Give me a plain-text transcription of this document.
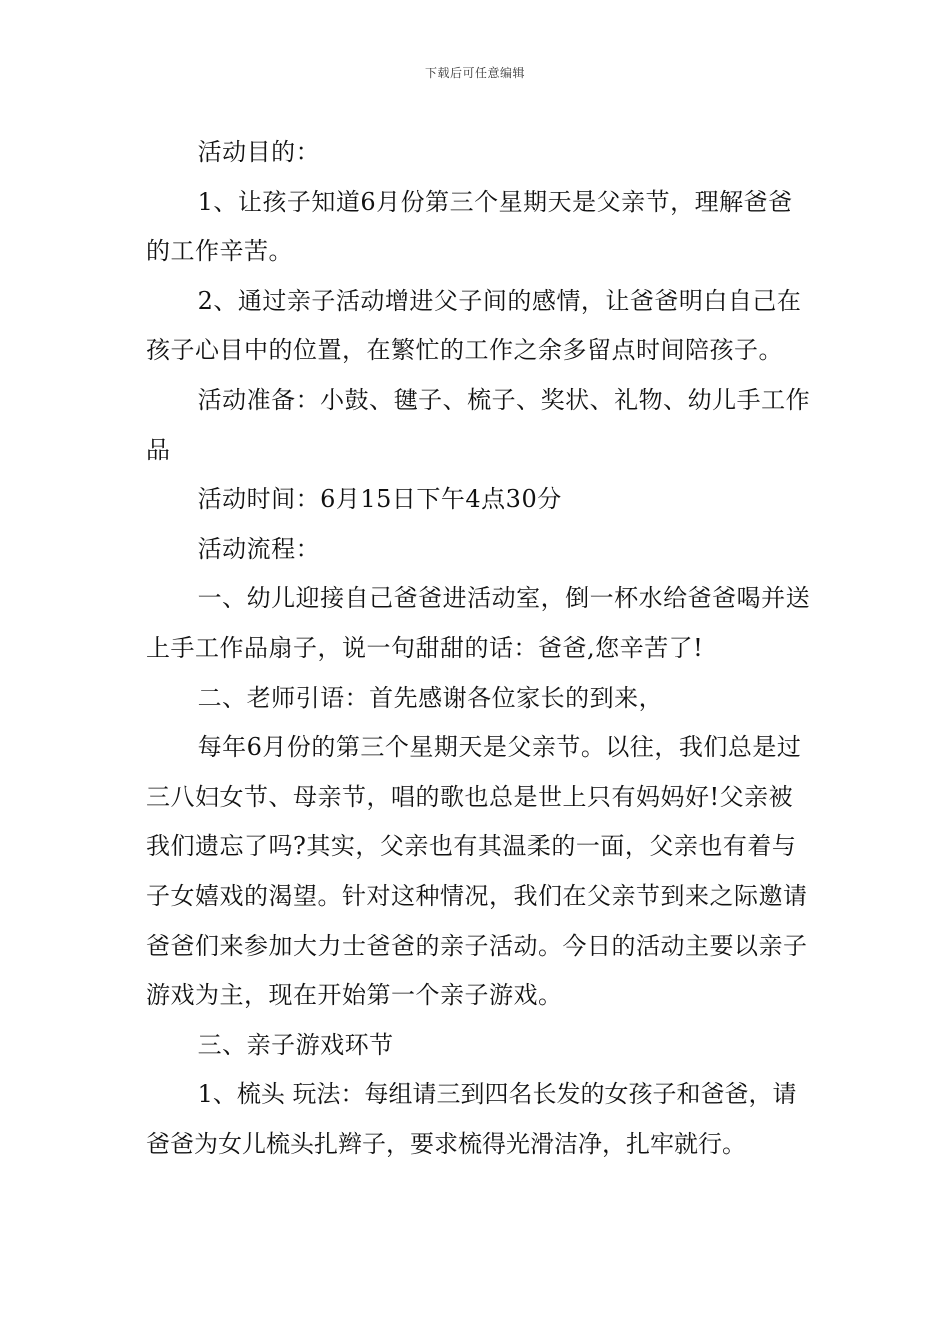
下载后可任意编辑

活动目的：

1、让孩子知道6月份第三个星期天是父亲节，理解爸爸的工作辛苦。

2、通过亲子活动增进父子间的感情，让爸爸明白自己在孩子心目中的位置，在繁忙的工作之余多留点时间陪孩子。

活动准备：小鼓、毽子、梳子、奖状、礼物、幼儿手工作品

活动时间：6月15日下午4点30分

活动流程：

一、幼儿迎接自己爸爸进活动室，倒一杯水给爸爸喝并送上手工作品扇子，说一句甜甜的话：爸爸,您辛苦了!

二、老师引语：首先感谢各位家长的到来，

每年6月份的第三个星期天是父亲节。以往，我们总是过三八妇女节、母亲节，唱的歌也总是世上只有妈妈好!父亲被我们遗忘了吗?其实，父亲也有其温柔的一面，父亲也有着与子女嬉戏的渴望。针对这种情况，我们在父亲节到来之际邀请爸爸们来参加大力士爸爸的亲子活动。今日的活动主要以亲子游戏为主，现在开始第一个亲子游戏。

三、亲子游戏环节

1、梳头 玩法：每组请三到四名长发的女孩子和爸爸，请爸爸为女儿梳头扎辫子，要求梳得光滑洁净，扎牢就行。
